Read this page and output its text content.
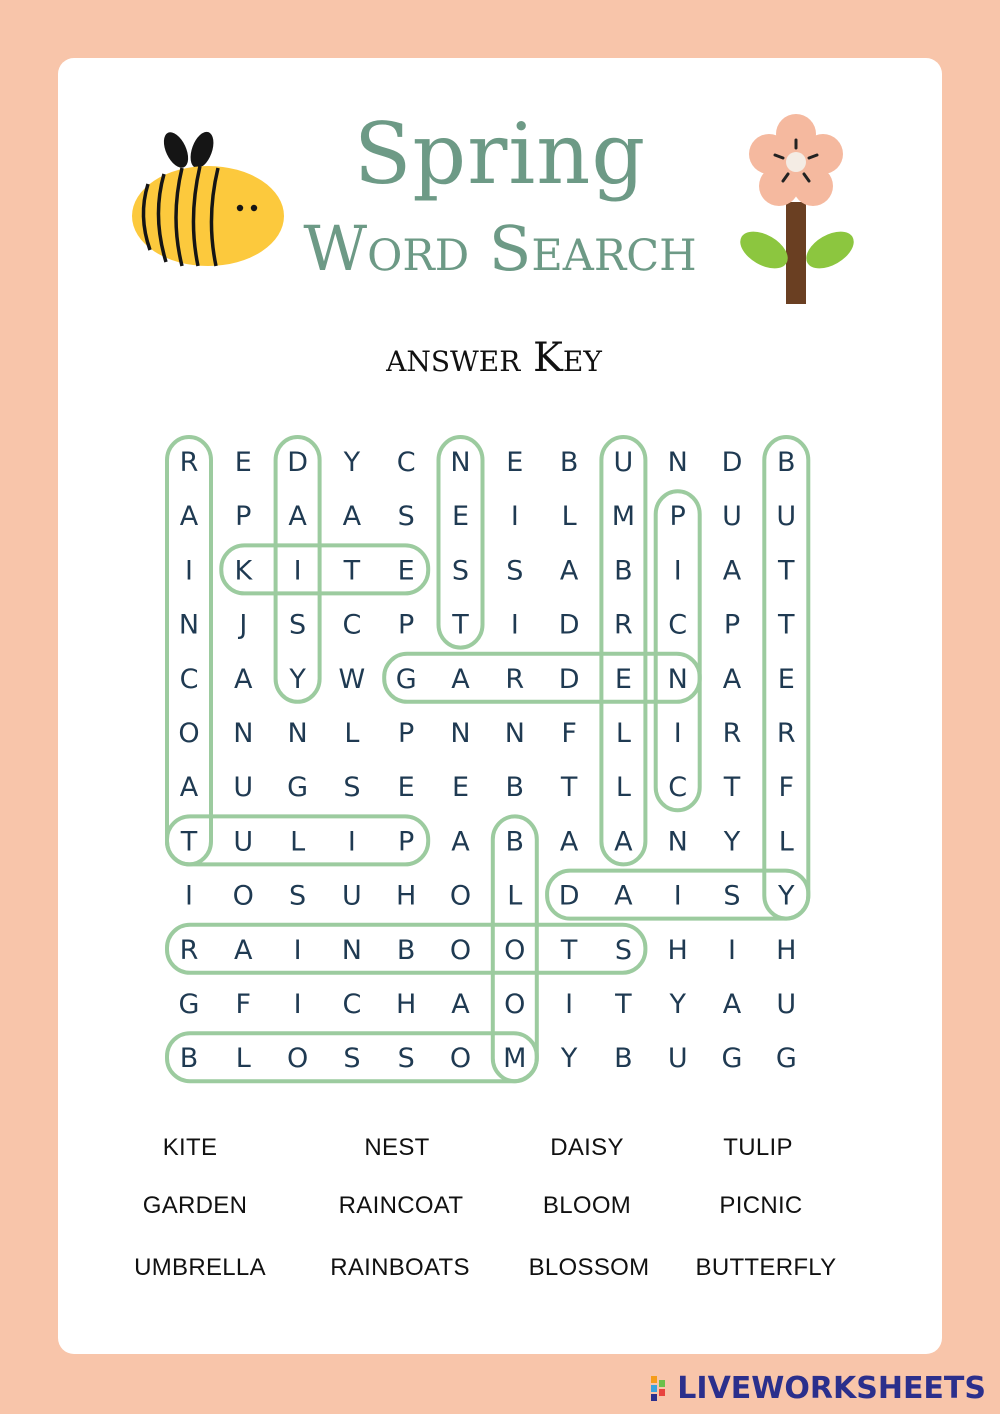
Spring
Word Search
answer Key
R E D Y C N E B U N D B
A P A A S E I L M P U U
I K I T E S S A B I A T
N J S C P T I D R C P T
C A Y W G A R D E N A E
O N N L P N N F L I R R
A U G S E E B T L C T F
T U L I P A B A A N Y L
I O S U H O L D A I S Y
R A I N B O O T S H I H
G F I C H A O I T Y A U
B L O S S O M Y B U G G
KITE	NEST	DAISY	TULIP
GARDEN	RAINCOAT	BLOOM	PICNIC
UMBRELLA	RAINBOATS	BLOSSOM	BUTTERFLY
LIVEWORKSHEETS
